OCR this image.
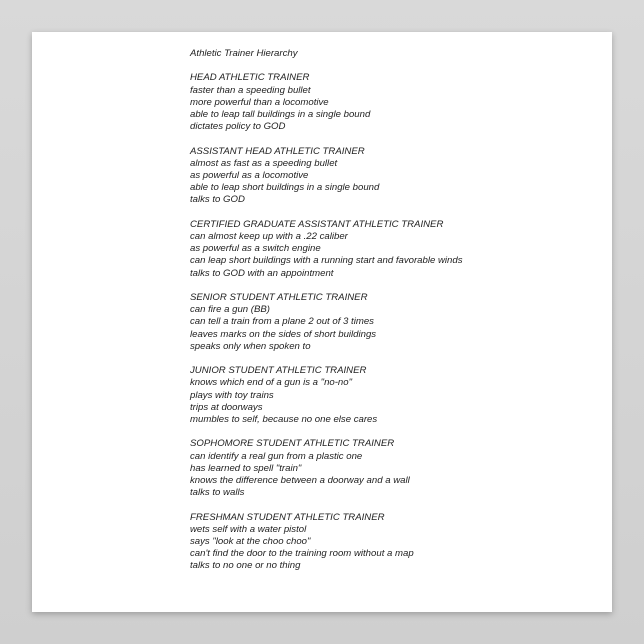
Athletic Trainer Hierarchy
HEAD ATHLETIC TRAINER
faster than a speeding bullet
more powerful than a locomotive
able to leap tall buildings in a single bound
dictates policy to GOD
ASSISTANT HEAD ATHLETIC TRAINER
almost as fast as a speeding bullet
as powerful as a locomotive
able to leap short buildings in a single bound
talks to GOD
CERTIFIED GRADUATE ASSISTANT ATHLETIC TRAINER
can almost keep up with a .22 caliber
as powerful as a switch engine
can leap short buildings with a running start and favorable winds
talks to GOD with an appointment
SENIOR STUDENT ATHLETIC TRAINER
can fire a gun (BB)
can tell a train from a plane 2 out of 3 times
leaves marks on the sides of short buildings
speaks only when spoken to
JUNIOR STUDENT ATHLETIC TRAINER
knows which end of a gun is a "no-no"
plays with toy trains
trips at doorways
mumbles to self, because no one else cares
SOPHOMORE STUDENT ATHLETIC TRAINER
can identify a real gun from a plastic one
has learned to spell "train"
knows the difference between a doorway and a wall
talks to walls
FRESHMAN STUDENT ATHLETIC TRAINER
wets self with a water pistol
says "look at the choo choo"
can't find the door to the training room without a map
talks to no one or no thing
